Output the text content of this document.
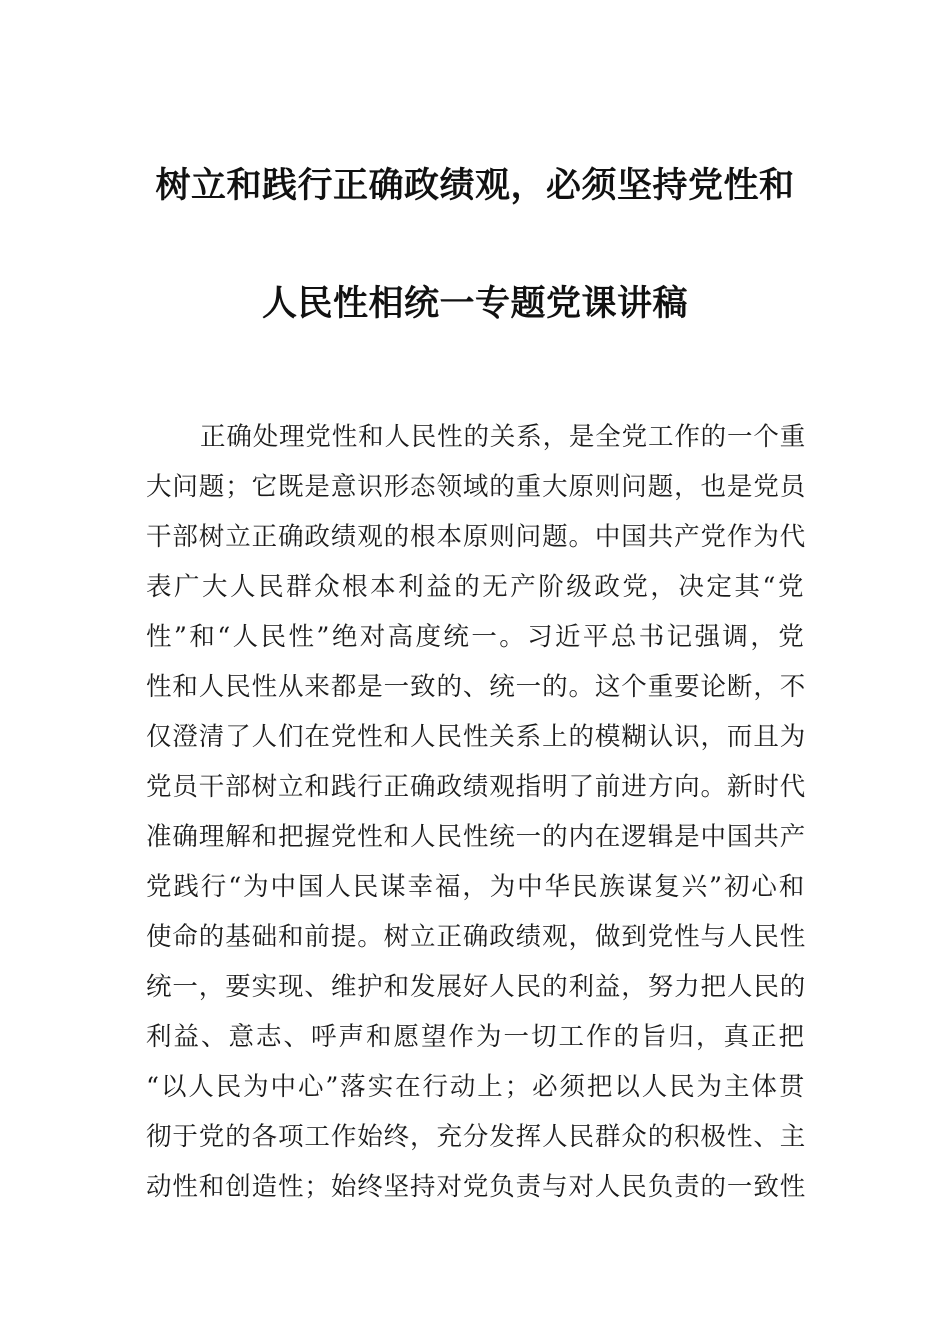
树立和践行正确政绩观，必须坚持党性和
人民性相统一专题党课讲稿
正确处理党性和人民性的关系，是全党工作的一个重
大问题；它既是意识形态领域的重大原则问题，也是党员
干部树立正确政绩观的根本原则问题。中国共产党作为代
表广大人民群众根本利益的无产阶级政党，决定其“党
性”和“人民性”绝对高度统一。习近平总书记强调，党
性和人民性从来都是一致的、统一的。这个重要论断，不
仅澄清了人们在党性和人民性关系上的模糊认识，而且为
党员干部树立和践行正确政绩观指明了前进方向。新时代
准确理解和把握党性和人民性统一的内在逻辑是中国共产
党践行“为中国人民谋幸福，为中华民族谋复兴”初心和
使命的基础和前提。树立正确政绩观，做到党性与人民性
统一，要实现、维护和发展好人民的利益，努力把人民的
利益、意志、呼声和愿望作为一切工作的旨归，真正把
“以人民为中心”落实在行动上；必须把以人民为主体贯
彻于党的各项工作始终，充分发挥人民群众的积极性、主
动性和创造性；始终坚持对党负责与对人民负责的一致性
